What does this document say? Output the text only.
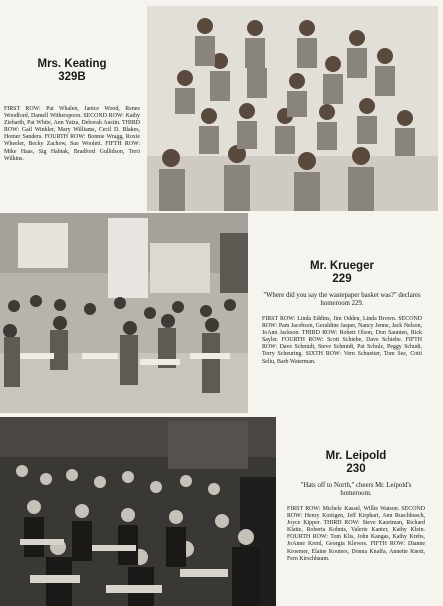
Mrs. Keating
329B
FIRST ROW: Pat Whalen, Janice Wood, Renee Woodford, Damell Witherspoon. SECOND ROW: Kathy Ziebarth, Pat White, Ann Yatza, Deborah Austin. THIRD ROW: Gail Winkler, Mary Williams, Cecil D. Blakes, Homer Sanders. FOURTH ROW: Bonnie Wragg, Roxie Wheeler, Becky Zachow, Sue Woolett. FIFTH ROW: Mike Haas, Sig Habtak, Bradford Gullidson, Terri Wilkins.
Mr. Krueger
229
"Where did you say the wastepaper basket was?" declares homeroom 229.
FIRST ROW: Linda Eddins, Jim Odden, Linda Brown. SECOND ROW: Pam Jacobson, Geraldine Jasper, Nancy Jenne, Jack Nelson, JoAnn Jackson. THIRD ROW: Robert Olson, Don Saunten, Rick Sayler. FOURTH ROW: Scott Schiebe, Dave Schiebe. FIFTH ROW: Dave Schmidt, Steve Schmidt, Pat Schulz, Peggy Schudi, Terry Scheuring. SIXTH ROW: Vern Schuetter, Tom See, Cotti Seliu, Barb Waterman.
Mr. Leipold
230
"Hats off to North," cheers Mr. Leipold's homeroom.
FIRST ROW: Michele Kassel, Willie Watson. SECOND ROW: Henry Kortigen, Jeff Kirphart, Ann Ruschbusch, Joyce Kipper. THIRD ROW: Steve Kaurtman, Richard Klatte, Roberta Kohnts, Valerie Kanter, Kathy Klein. FOURTH ROW: Tom Klis, John Kangas, Kathy Krebs, JoAnne Krenl, Georgia Klevers. FIFTH ROW: Dianne Kroemer, Elaine Kouters, Donna Knaffa, Annette Knott, Fern Kirschbaum.
